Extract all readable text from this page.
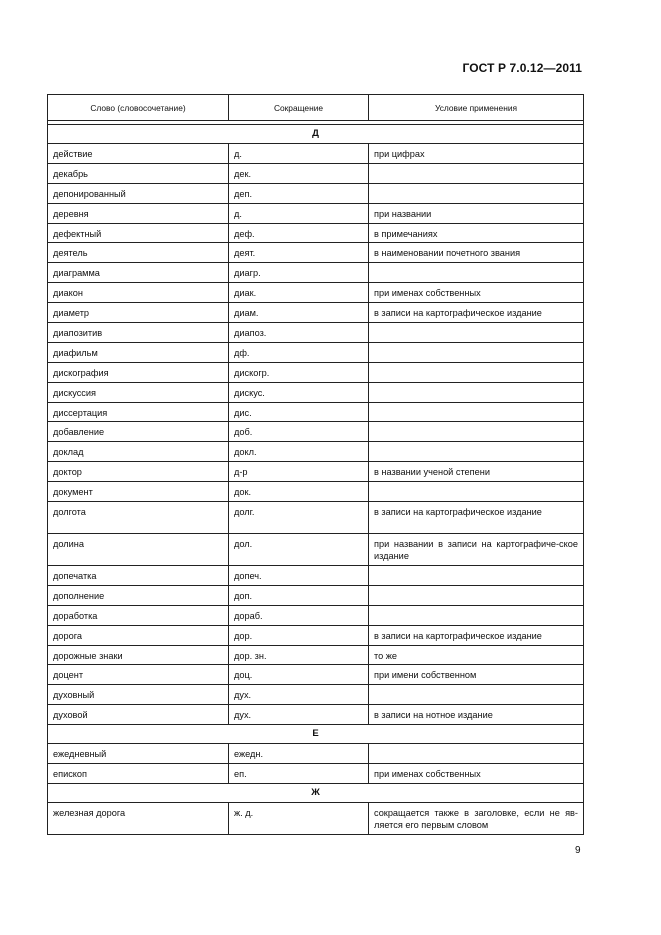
ГОСТ Р 7.0.12—2011
Слово (словосочетание)	Сокращение	Условие применения

Д		
действие	д.	при цифрах
декабрь	дек.	
депонированный	деп.	
деревня	д.	при названии
дефектный	деф.	в примечаниях
деятель	деят.	в наименовании почетного звания
диаграмма	диагр.	
диакон	диак.	при именах собственных
диаметр	диам.	в записи на картографическое издание
диапозитив	диапоз.	
диафильм	дф.	
дискография	дискогр.	
дискуссия	дискус.	
диссертация	дис.	
добавление	доб.	
доклад	докл.	
доктор	д-р	в названии ученой степени
документ	док.	
долгота	долг.	в записи на картографическое издание
долина	дол.	при названии в записи на картографиче-ское издание
допечатка	допеч.	
дополнение	доп.	
доработка	дораб.	
дорога	дор.	в записи на картографическое издание
дорожные знаки	дор. зн.	то же
доцент	доц.	при имени собственном
духовный	дух.	
духовой	дух.	в записи на нотное издание
Е		
ежедневный	ежедн.	
епископ	еп.	при именах собственных
Ж		
железная дорога	ж. д.	сокращается также в заголовке, если не яв-ляется его первым словом
9
